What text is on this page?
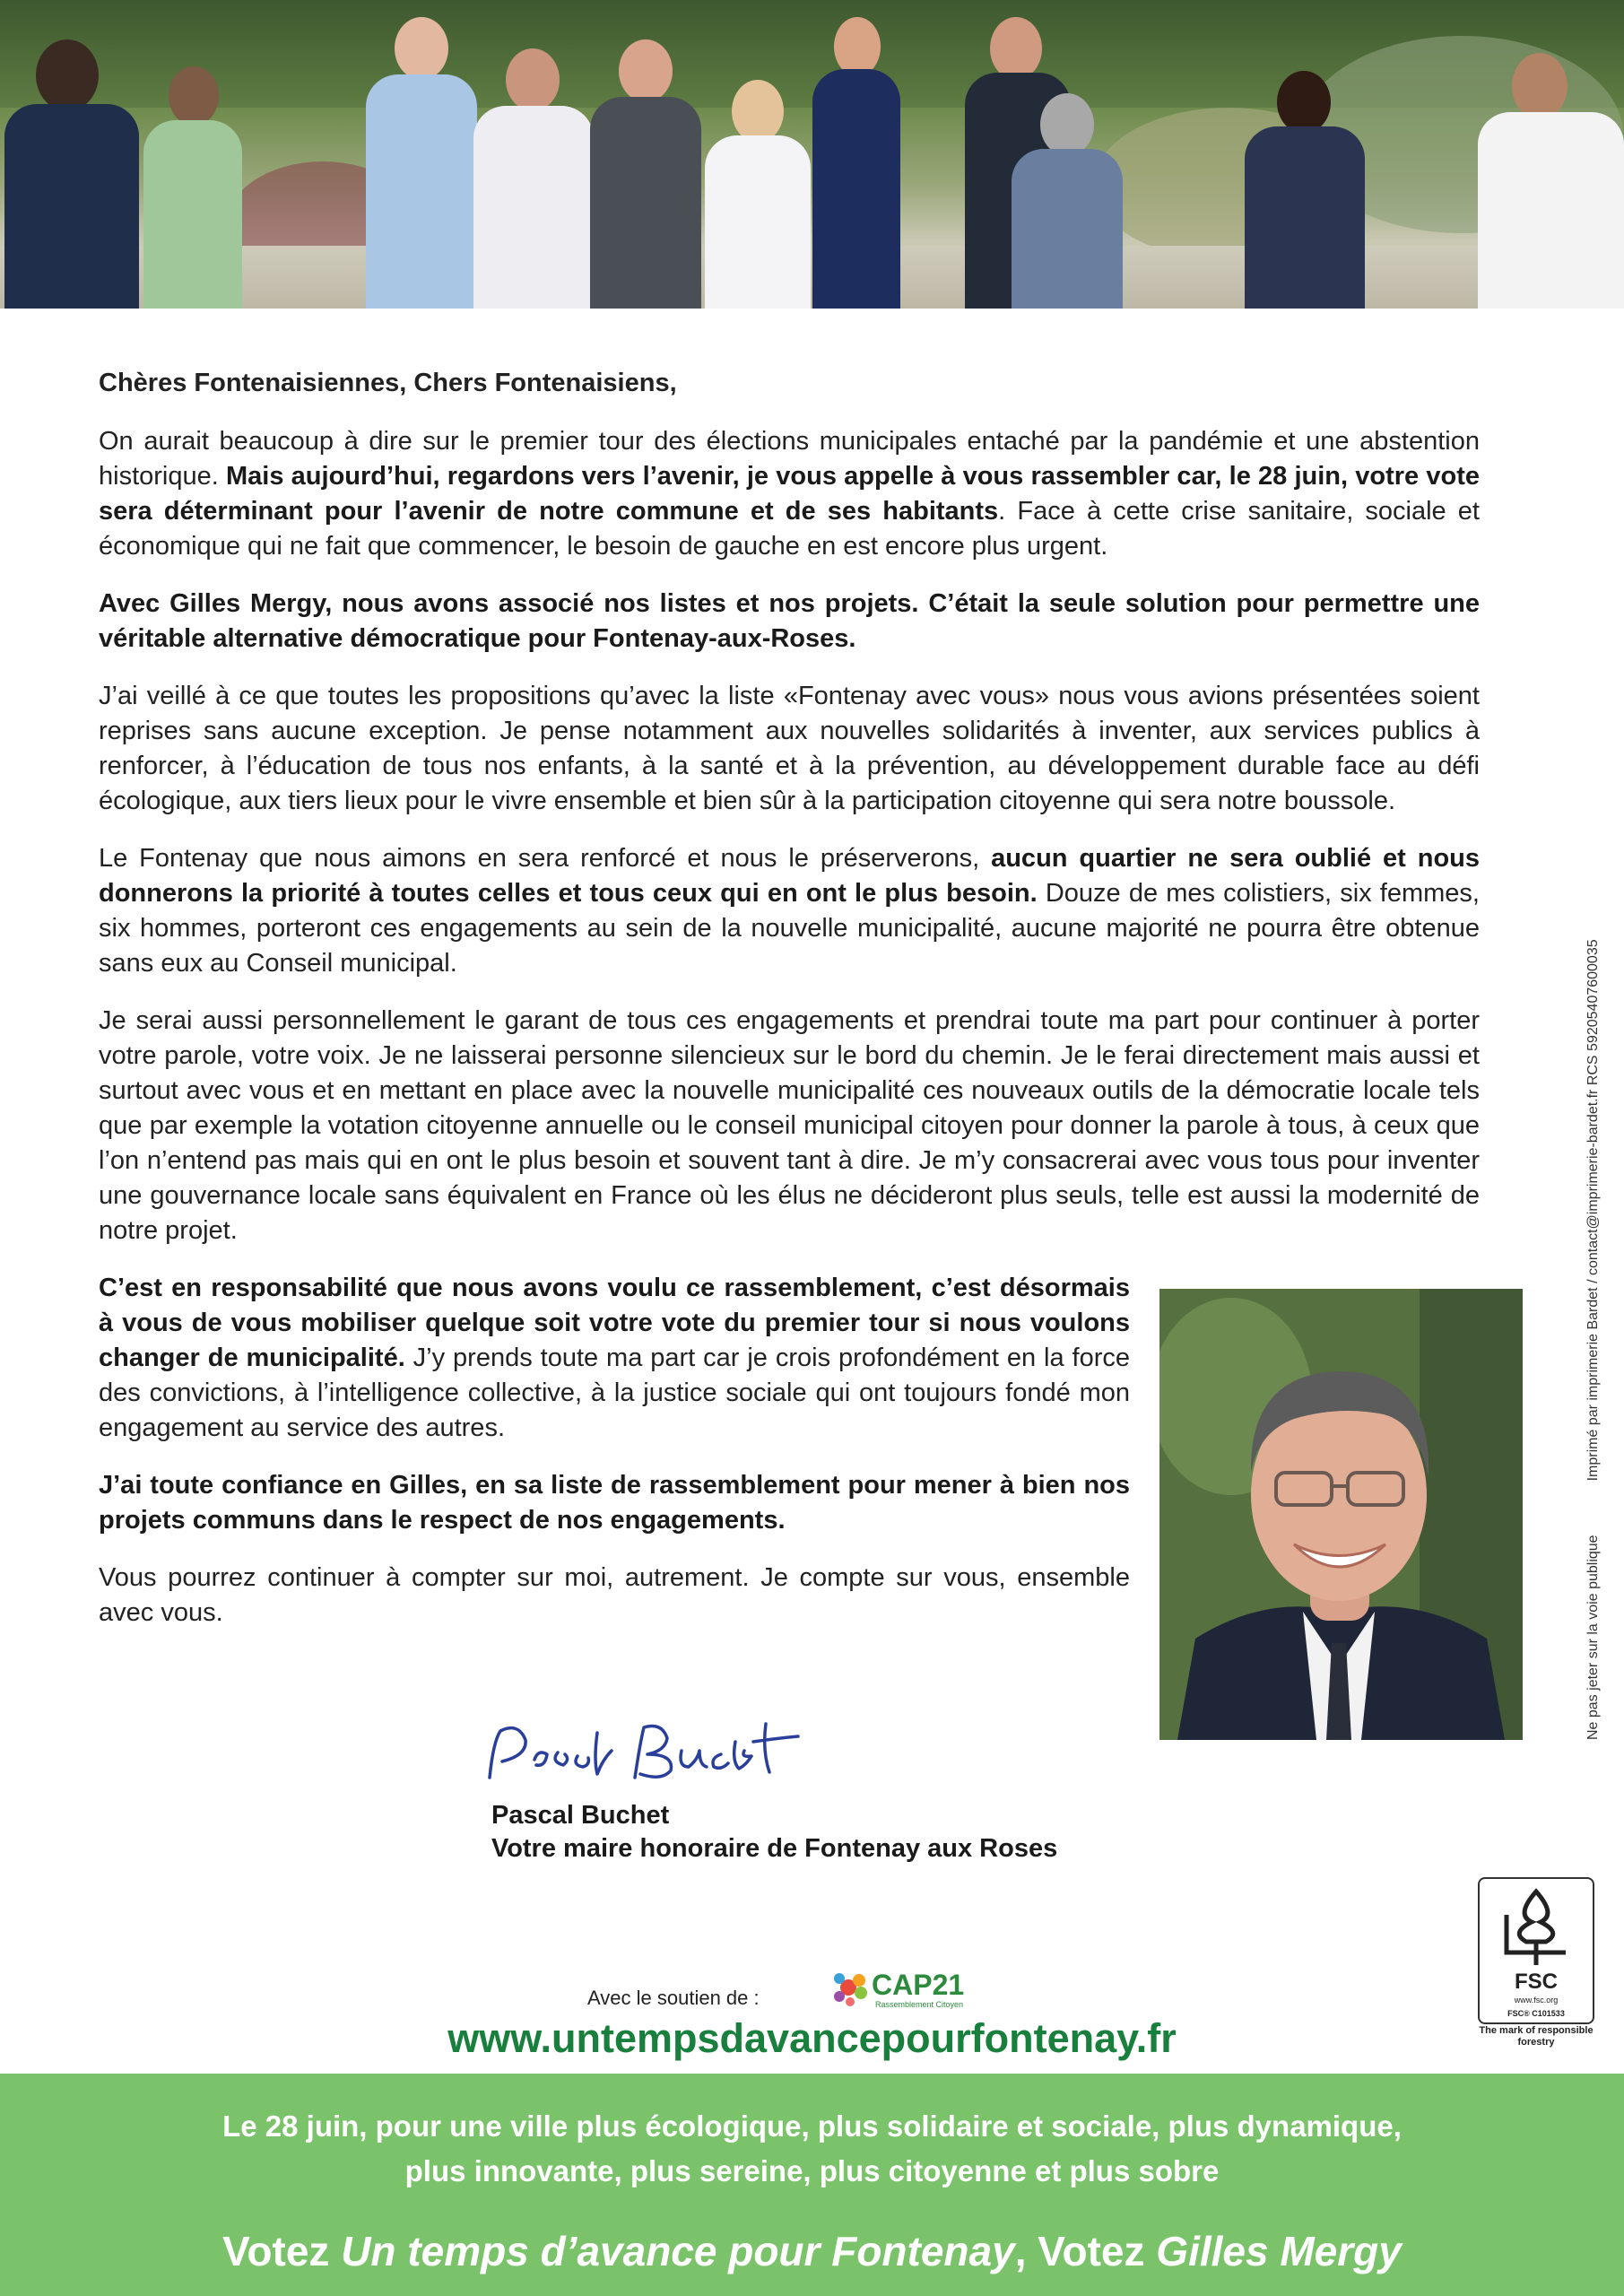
Chères Fontenaisiennes, Chers Fontenaisiens,

On aurait beaucoup à dire sur le premier tour des élections municipales entaché par la pandémie et une abstention historique. Mais aujourd’hui, regardons vers l’avenir, je vous appelle à vous rassembler car, le 28 juin, votre vote sera déterminant pour l’avenir de notre commune et de ses habitants. Face à cette crise sanitaire, sociale et économique qui ne fait que commencer, le besoin de gauche en est encore plus urgent.

Avec Gilles Mergy, nous avons associé nos listes et nos projets. C’était la seule solution pour permettre une véritable alternative démocratique pour Fontenay-aux-Roses.

J’ai veillé à ce que toutes les propositions qu’avec la liste «Fontenay avec vous» nous vous avions présentées soient reprises sans aucune exception. Je pense notamment aux nouvelles solidarités à inventer, aux services publics à renforcer, à l’éducation de tous nos enfants, à la santé et à la prévention, au développement durable face au défi écologique, aux tiers lieux pour le vivre ensemble et bien sûr à la participation citoyenne qui sera notre boussole.

Le Fontenay que nous aimons en sera renforcé et nous le préserverons, aucun quartier ne sera oublié et nous donnerons la priorité à toutes celles et tous ceux qui en ont le plus besoin. Douze de mes colistiers, six femmes, six hommes, porteront ces engagements au sein de la nouvelle municipalité, aucune majorité ne pourra être obtenue sans eux au Conseil municipal.

Je serai aussi personnellement le garant de tous ces engagements et prendrai toute ma part pour continuer à porter votre parole, votre voix. Je ne laisserai personne silencieux sur le bord du chemin. Je le ferai directement mais aussi et surtout avec vous et en mettant en place avec la nouvelle municipalité ces nouveaux outils de la démocratie locale tels que par exemple la votation citoyenne annuelle ou le conseil municipal citoyen pour donner la parole à tous, à ceux que l’on n’entend pas mais qui en ont le plus besoin et souvent tant à dire. Je m’y consacrerai avec vous tous pour inventer une gouvernance locale sans équivalent en France où les élus ne décideront plus seuls, telle est aussi la modernité de notre projet.

C’est en responsabilité que nous avons voulu ce rassemblement, c’est désormais à vous de vous mobiliser quelque soit votre vote du premier tour si nous voulons changer de municipalité. J’y prends toute ma part car je crois profondément en la force des convictions, à l’intelligence collective, à la justice sociale qui ont toujours fondé mon engagement au service des autres.

J’ai toute confiance en Gilles, en sa liste de rassemblement pour mener à bien nos projets communs dans le respect de nos engagements.

Vous pourrez continuer à compter sur moi, autrement. Je compte sur vous, ensemble avec vous.

Pascal Buchet
Votre maire honoraire de Fontenay aux Roses
Ne pas jeter sur la voie publiqueImprimé par imprimerie Bardet / contact@imprimerie-bardet.fr RCS 59205407600035
FSC
www.fsc.org
FSC® C101533
The mark of responsible forestry
Avec le soutien de :	CAP21
Rassemblement Citoyen
www.untempsdavancepourfontenay.fr
Le 28 juin, pour une ville plus écologique, plus solidaire et sociale, plus dynamique,
plus innovante, plus sereine, plus citoyenne et plus sobre
Votez Un temps d’avance pour Fontenay, Votez Gilles Mergy
